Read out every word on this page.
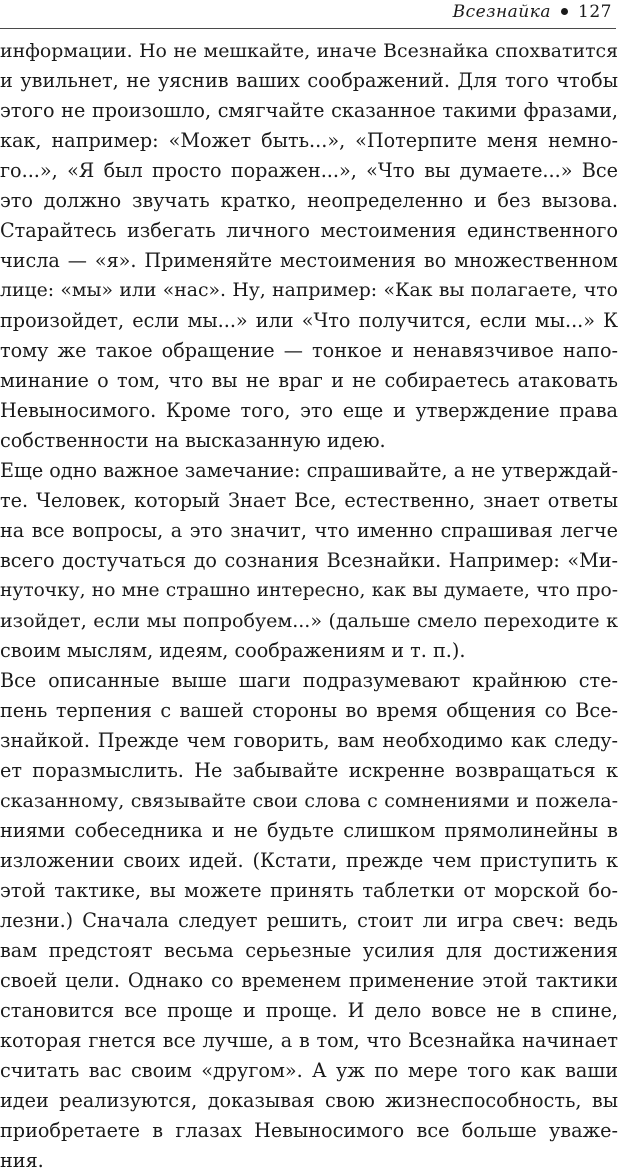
Всезнайка 127
информации. Но не мешкайте, иначе Всезнайка спохватится
и увильнет, не уяснив ваших соображений. Для того чтобы
этого не произошло, смягчайте сказанное такими фразами,
как, например: «Может быть...», «Потерпите меня немно-
го...», «Я был просто поражен...», «Что вы думаете...» Все
это должно звучать кратко, неопределенно и без вызова.
Старайтесь избегать личного местоимения единственного
числа — «я». Применяйте местоимения во множественном
лице: «мы» или «нас». Ну, например: «Как вы полагаете, что
произойдет, если мы...» или «Что получится, если мы...» К
тому же такое обращение — тонкое и ненавязчивое напо-
минание о том, что вы не враг и не собираетесь атаковать
Невыносимого. Кроме того, это еще и утверждение права
собственности на высказанную идею.
Еще одно важное замечание: спрашивайте, а не утверждай-
те. Человек, который Знает Все, естественно, знает ответы
на все вопросы, а это значит, что именно спрашивая легче
всего достучаться до сознания Всезнайки. Например: «Ми-
нуточку, но мне страшно интересно, как вы думаете, что про-
изойдет, если мы попробуем...» (дальше смело переходите к
своим мыслям, идеям, соображениям и т. п.).
Все описанные выше шаги подразумевают крайнюю сте-
пень терпения с вашей стороны во время общения со Все-
знайкой. Прежде чем говорить, вам необходимо как следу-
ет поразмыслить. Не забывайте искренне возвращаться к
сказанному, связывайте свои слова с сомнениями и пожела-
ниями собеседника и не будьте слишком прямолинейны в
изложении своих идей. (Кстати, прежде чем приступить к
этой тактике, вы можете принять таблетки от морской бо-
лезни.) Сначала следует решить, стоит ли игра свеч: ведь
вам предстоят весьма серьезные усилия для достижения
своей цели. Однако со временем применение этой тактики
становится все проще и проще. И дело вовсе не в спине,
которая гнется все лучше, а в том, что Всезнайка начинает
считать вас своим «другом». А уж по мере того как ваши
идеи реализуются, доказывая свою жизнеспособность, вы
приобретаете в глазах Невыносимого все больше уваже-
ния.
